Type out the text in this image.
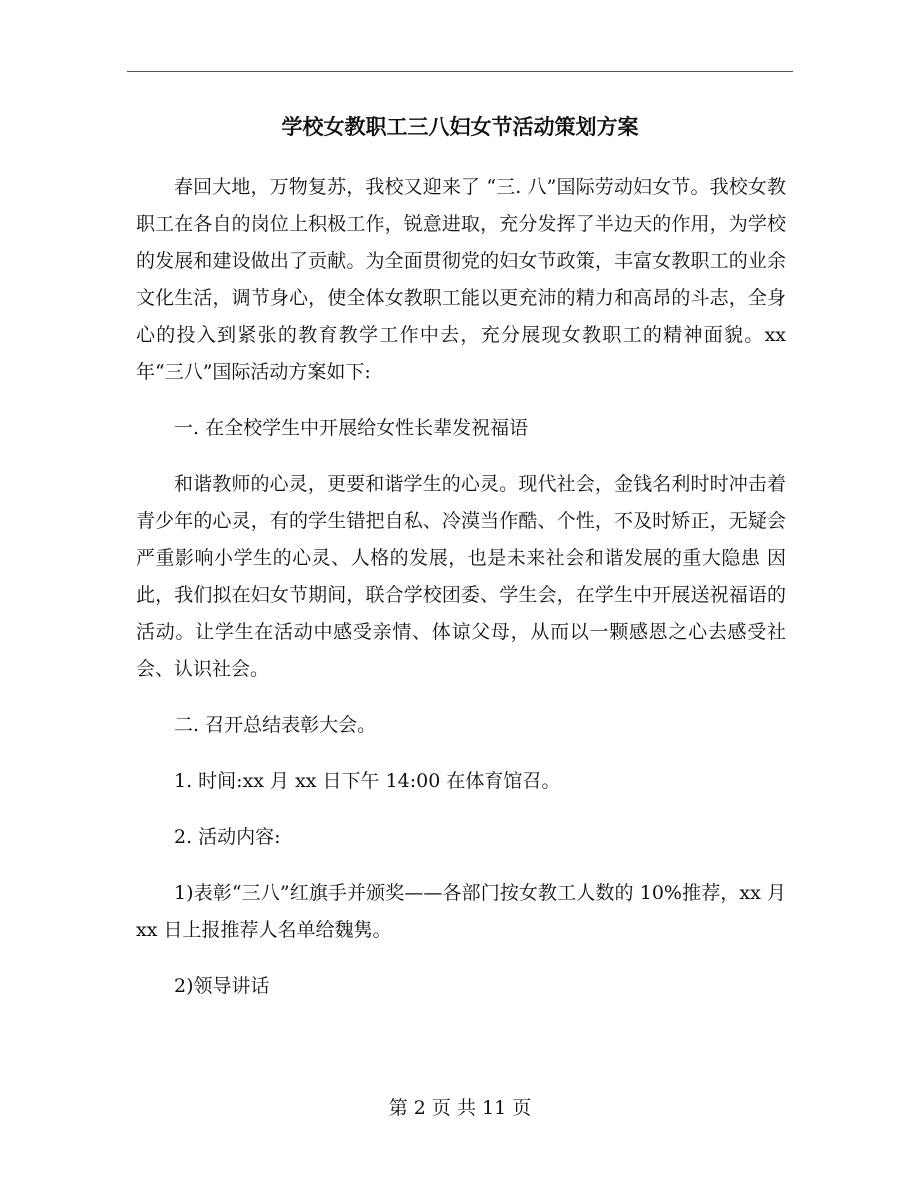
学校女教职工三八妇女节活动策划方案

春回大地，万物复苏，我校又迎来了 “三. 八”国际劳动妇女节。我校女教职工在各自的岗位上积极工作，锐意进取，充分发挥了半边天的作用，为学校的发展和建设做出了贡献。为全面贯彻党的妇女节政策，丰富女教职工的业余文化生活，调节身心，使全体女教职工能以更充沛的精力和高昂的斗志，全身心的投入到紧张的教育教学工作中去，充分展现女教职工的精神面貌。xx 年“三八”国际活动方案如下:

一. 在全校学生中开展给女性长辈发祝福语

和谐教师的心灵，更要和谐学生的心灵。现代社会，金钱名利时时冲击着青少年的心灵，有的学生错把自私、冷漠当作酷、个性，不及时矫正，无疑会严重影响小学生的心灵、人格的发展，也是未来社会和谐发展的重大隐患 因此，我们拟在妇女节期间，联合学校团委、学生会，在学生中开展送祝福语的活动。让学生在活动中感受亲情、体谅父母，从而以一颗感恩之心去感受社会、认识社会。

二. 召开总结表彰大会。

1. 时间:xx 月 xx 日下午 14:00 在体育馆召。

2. 活动内容:

1)表彰“三八”红旗手并颁奖——各部门按女教工人数的 10%推荐，xx 月 xx 日上报推荐人名单给魏隽。

2)领导讲话

第 2 页 共 11 页
